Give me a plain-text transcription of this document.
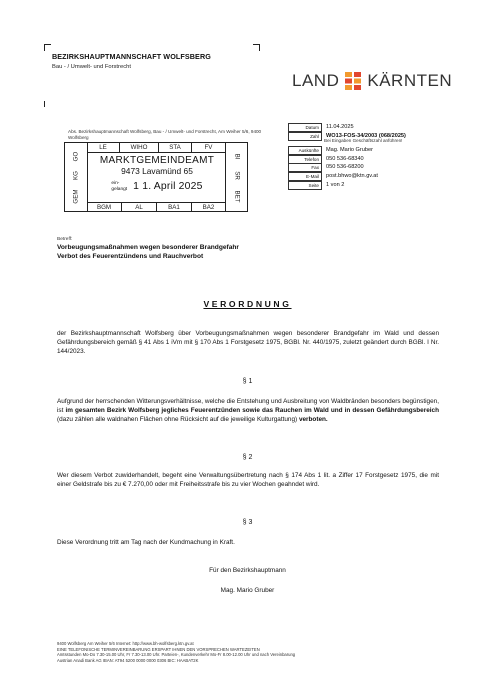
BEZIRKSHAUPTMANNSCHAFT WOLFSBERG
Bau - / Umwelt- und Forstrecht
LAND KÄRNTEN
Abs. Bezirkshauptmannschaft Wolfsberg, Bau - / Umwelt- und Forstrecht, Am Weiher 5/6, 9400 Wolfsberg
Datum	11.04.2025
Zahl	WO13-FOS-34/2003 (068/2025)
Bei Eingaben Geschäftszahl anführen!
Auskünfte	Mag. Mario Gruber
Telefon	050 536-68340
Fax	050 536-68200
E-Mail	post.bhwo@ktn.gv.at
Seite	1 von 2
LE	WIHO	STA	FV
GEM
KG
GO	BI
SR
BET
BGM	AL	BA1	BA2
MARKTGEMEINDEAMT
9473 Lavamünd 65
ein-
gelangt 1 1. April 2025
Betreff:
Vorbeugungsmaßnahmen wegen besonderer Brandgefahr
Verbot des Feuerentzündens und Rauchverbot
VERORDNUNG
der Bezirkshauptmannschaft Wolfsberg über Vorbeugungsmaßnahmen wegen besonderer Brandgefahr im Wald und dessen Gefährdungsbereich gemäß § 41 Abs 1 iVm mit § 170 Abs 1 Forstgesetz 1975, BGBl. Nr. 440/1975, zuletzt geändert durch BGBl. I Nr. 144/2023.
§ 1
Aufgrund der herrschenden Witterungsverhältnisse, welche die Entstehung und Ausbreitung von Waldbränden besonders begünstigen, ist im gesamten Bezirk Wolfsberg jegliches Feuerentzünden sowie das Rauchen im Wald und in dessen Gefährdungsbereich (dazu zählen alle waldnahen Flächen ohne Rücksicht auf die jeweilige Kulturgattung) verboten.
§ 2
Wer diesem Verbot zuwiderhandelt, begeht eine Verwaltungsübertretung nach § 174 Abs 1 lit. a Ziffer 17 Forstgesetz 1975, die mit einer Geldstrafe bis zu € 7.270,00 oder mit Freiheitsstrafe bis zu vier Wochen geahndet wird.
§ 3
Diese Verordnung tritt am Tag nach der Kundmachung in Kraft.
Für den Bezirkshauptmann
Mag. Mario Gruber
9400 Wolfsberg Am Weiher 5/6 Internet: http://www.bh-wolfsberg.ktn.gv.at
EINE TELEFONISCHE TERMINVEREINBARUNG ERSPART IHNEN DEN VORSPRECHEN WARTEZEITEN
Amtsstunden Mo-Do 7.30-15.00 Uhr, Fr 7.30-13.00 Uhr. Parteien-, Kundenverkehr Mo-Fr 8.00-12.00 Uhr und nach Vereinbarung
Austrian Anadi Bank AG IBAN: AT94 5200 0000 0000 0306 BIC: HAABAT2K
